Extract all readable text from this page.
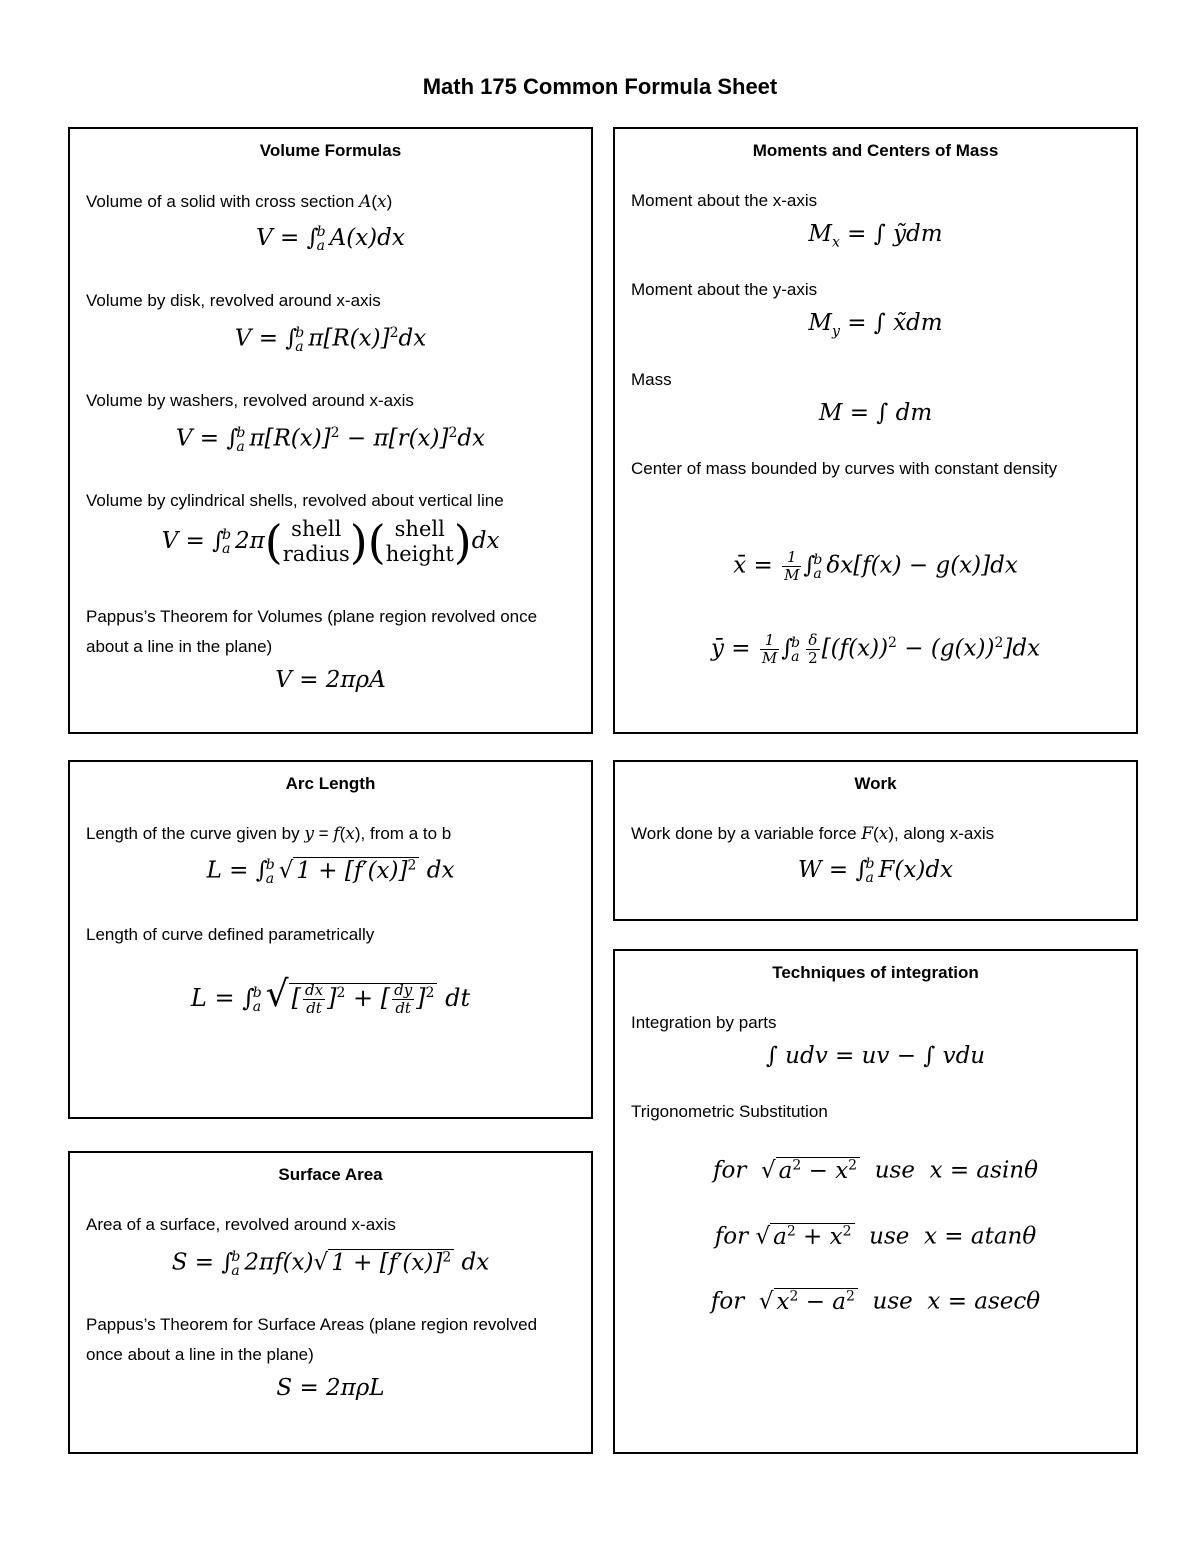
Math 175 Common Formula Sheet
Volume Formulas
Volume of a solid with cross section A(x)
V = ∫
b
a A(x)dx
Volume by disk, revolved around x-axis
V = ∫
b
a $\pi[R(x)]^2dx$
Volume by washers, revolved around x-axis
V = ∫
b
a $\pi[R(x)]^2 - \pi[r(x)]^2dx$
Volume by cylindrical shells, revolved about vertical line
V = ∫
b
a 2π( shell
radius )( shell
height )dx
Pappus’s Theorem for Volumes (plane region revolved once about a line in the plane)
V = 2πρA
Moments and Centers of Mass
Moment about the x-axis
$M_x$ = ∫ ỹdm
Moment about the y-axis
$M_y$ = ∫ x̃dm
Mass
M = ∫ dm
Center of mass bounded by curves with constant density
x̄ = $\frac{1}{M}$ ∫
b
a δx[f(x) − g(x)]dx
ȳ = $\frac{1}{M}$ ∫
b
a $\frac{\delta}{2} [(f(x))^2 - (g(x))^2]dx$
Arc Length
Length of the curve given by y = f(x), from a to b
L = ∫
b
a √ $1 + [f'(x)]^2$ dx
Length of curve defined parametrically
L = ∫
b
a √ [ $\frac{dx}{dt} ]^2$ + [ $\frac{dy}{dt} ]^2$ dt
Work
Work done by a variable force F(x), along x-axis
W = ∫
b
a F(x)dx
Surface Area
Area of a surface, revolved around x-axis
S = ∫
b
a 2πf(x)√ $1 + [f'(x)]^2$ dx
Pappus’s Theorem for Surface Areas (plane region revolved once about a line in the plane)
S = 2πρL
Techniques of integration
Integration by parts
∫ udv = uv − ∫ vdu
Trigonometric Substitution
for  √ $a^2 - x^2$  use  x = asinθ
for √ $a^2 + x^2$  use  x = atanθ
for  √ $x^2 - a^2$  use  x = asecθ
